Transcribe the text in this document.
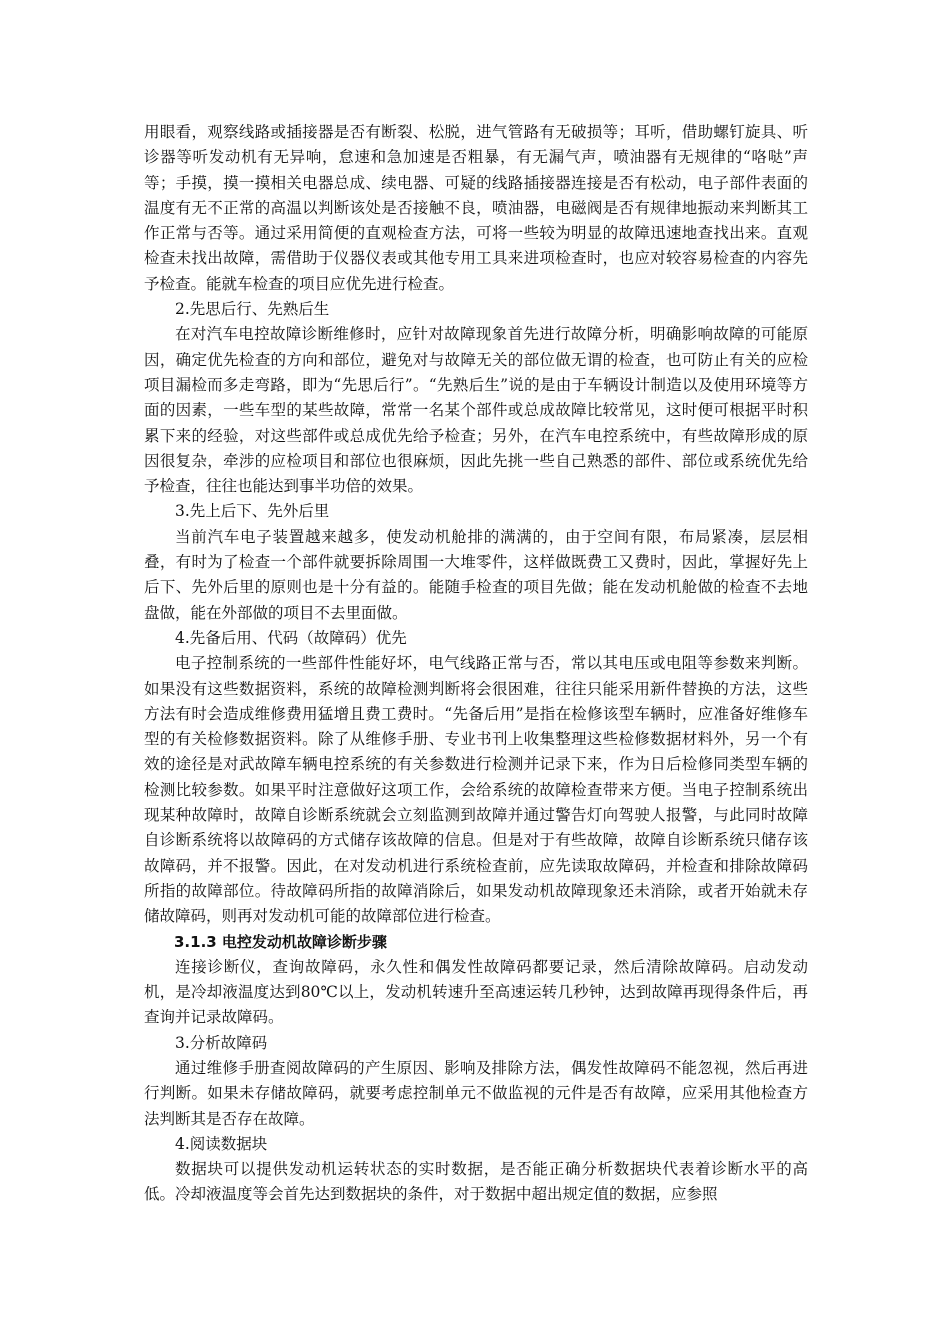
用眼看，观察线路或插接器是否有断裂、松脱，进气管路有无破损等；耳听，借助螺钉旋具、听诊器等听发动机有无异响，怠速和急加速是否粗暴，有无漏气声，喷油器有无规律的“咯哒”声等；手摸，摸一摸相关电器总成、续电器、可疑的线路插接器连接是否有松动，电子部件表面的温度有无不正常的高温以判断该处是否接触不良，喷油器，电磁阀是否有规律地振动来判断其工作正常与否等。通过采用简便的直观检查方法，可将一些较为明显的故障迅速地查找出来。直观检查未找出故障，需借助于仪器仪表或其他专用工具来进项检查时，也应对较容易检查的内容先予检查。能就车检查的项目应优先进行检查。

2.先思后行、先熟后生

在对汽车电控故障诊断维修时，应针对故障现象首先进行故障分析，明确影响故障的可能原因，确定优先检查的方向和部位，避免对与故障无关的部位做无谓的检查，也可防止有关的应检项目漏检而多走弯路，即为“先思后行”。“先熟后生”说的是由于车辆设计制造以及使用环境等方面的因素，一些车型的某些故障，常常一名某个部件或总成故障比较常见，这时便可根据平时积累下来的经验，对这些部件或总成优先给予检查；另外，在汽车电控系统中，有些故障形成的原因很复杂，牵涉的应检项目和部位也很麻烦，因此先挑一些自己熟悉的部件、部位或系统优先给予检查，往往也能达到事半功倍的效果。

3.先上后下、先外后里

当前汽车电子装置越来越多，使发动机舱排的满满的，由于空间有限，布局紧凑，层层相叠，有时为了检查一个部件就要拆除周围一大堆零件，这样做既费工又费时，因此，掌握好先上后下、先外后里的原则也是十分有益的。能随手检查的项目先做；能在发动机舱做的检查不去地盘做，能在外部做的项目不去里面做。

4.先备后用、代码（故障码）优先

电子控制系统的一些部件性能好坏，电气线路正常与否，常以其电压或电阻等参数来判断。如果没有这些数据资料，系统的故障检测判断将会很困难，往往只能采用新件替换的方法，这些方法有时会造成维修费用猛增且费工费时。“先备后用”是指在检修该型车辆时，应准备好维修车型的有关检修数据资料。除了从维修手册、专业书刊上收集整理这些检修数据材料外，另一个有效的途径是对武故障车辆电控系统的有关参数进行检测并记录下来，作为日后检修同类型车辆的检测比较参数。如果平时注意做好这项工作，会给系统的故障检查带来方便。当电子控制系统出现某种故障时，故障自诊断系统就会立刻监测到故障并通过警告灯向驾驶人报警，与此同时故障自诊断系统将以故障码的方式储存该故障的信息。但是对于有些故障，故障自诊断系统只储存该故障码，并不报警。因此，在对发动机进行系统检查前，应先读取故障码，并检查和排除故障码所指的故障部位。待故障码所指的故障消除后，如果发动机故障现象还未消除，或者开始就未存储故障码，则再对发动机可能的故障部位进行检查。

3.1.3 电控发动机故障诊断步骤

连接诊断仪，查询故障码，永久性和偶发性故障码都要记录，然后清除故障码。启动发动机，是冷却液温度达到80℃以上，发动机转速升至高速运转几秒钟，达到故障再现得条件后，再查询并记录故障码。

3.分析故障码

通过维修手册查阅故障码的产生原因、影响及排除方法，偶发性故障码不能忽视，然后再进行判断。如果未存储故障码，就要考虑控制单元不做监视的元件是否有故障，应采用其他检查方法判断其是否存在故障。

4.阅读数据块

数据块可以提供发动机运转状态的实时数据，是否能正确分析数据块代表着诊断水平的高低。冷却液温度等会首先达到数据块的条件，对于数据中超出规定值的数据，应参照
